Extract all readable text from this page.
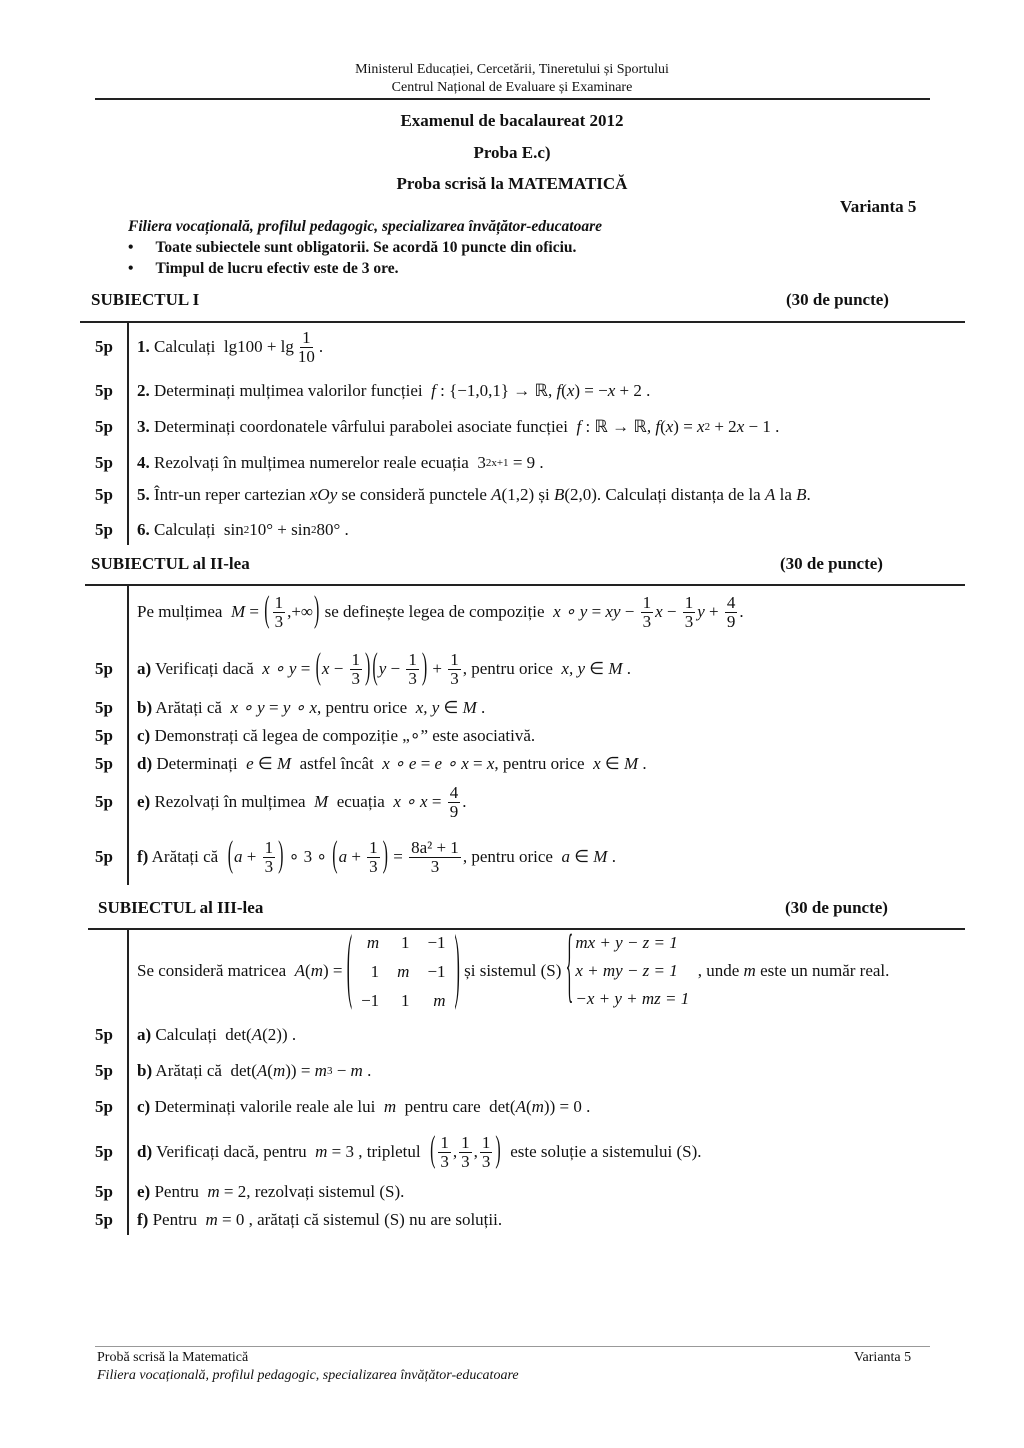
Ministerul Educației, Cercetării, Tineretului și Sportului
Centrul Național de Evaluare și Examinare
Examenul de bacalaureat 2012
Proba E.c)
Proba scrisă la MATEMATICĂ
Varianta 5
Filiera vocațională, profilul pedagogic, specializarea învățător-educatoare
• Toate subiectele sunt obligatorii. Se acordă 10 puncte din oficiu.
• Timpul de lucru efectiv este de 3 ore.
SUBIECTUL I	(30 de puncte)
5p 1. Calculați  $\lg 100 + \lg \frac{1}{10}$ .
5p 2. Determinați mulțimea valorilor funcției f : {−1,0,1} → ℝ, f ( x ) = − x + 2 .
5p 3. Determinați coordonatele vârfului parabolei asociate funcției f : ℝ → ℝ, f ( x ) = x 2 + 2 x − 1 .
5p 4. Rezolvați în mulțimea numerelor reale ecuația  3 2x+1 = 9 .
5p 5. Într-un reper cartezian xOy se consideră punctele A (1,2) și B (2,0). Calculați distanța de la A la B .
5p 6. Calculați  sin 2 10° + sin 2 80° .
SUBIECTUL al II-lea	(30 de puncte)
Pe mulțimea M = ( $\frac{1}{3}$ ,+∞ ) se definește legea de compoziție x ∘ y = xy − $\frac{1}{3}$ $x - \frac{1}{3}$ $y + \frac{4}{9}$ .
5p a) Verificați dacă x ∘ y = ( $x - \frac{1}{3}$ ) ( $y - \frac{1}{3}$ ) + $\frac{1}{3}$ , pentru orice x, y ∈ M .
5p b) Arătați că x ∘ y = y ∘ x , pentru orice x, y ∈ M .
5p c) Demonstrați că legea de compoziție „∘” este asociativă.
5p d) Determinați e ∈ M astfel încât x ∘ e = e ∘ x = x , pentru orice x ∈ M .
5p e) Rezolvați în mulțimea M ecuația x ∘ $x = \frac{4}{9}$ .
5p f) Arătați că ( $a + \frac{1}{3}$ ) ∘ 3 ∘ ( $a + \frac{1}{3}$ ) = $\frac{\text{8a² + 1}}{3}$ , pentru orice a ∈ M .
SUBIECTUL al III-lea	(30 de puncte)
Se consideră matricea A ( m ) = ( m	1	−1
1	m	−1
−1	1	m ) și sistemul (S) { mx + y − z = 1
x + my − z = 1
−x + y + mz = 1
, unde m este un număr real.
5p a) Calculați  det( A (2)) .
5p b) Arătați că  det( A ( m )) = m 3 − m .
5p c) Determinați valorile reale ale lui m pentru care  det( A ( m )) = 0 .
5p d) Verificați dacă, pentru m = 3 , tripletul ( $\frac{1}{3}$ , $\frac{1}{3}$ , $\frac{1}{3}$ ) este soluție a sistemului (S).
5p e) Pentru m = 2, rezolvați sistemul (S).
5p f) Pentru m = 0 , arătați că sistemul (S) nu are soluții.
Probă scrisă la Matematică
Filiera vocațională, profilul pedagogic, specializarea învățător-educatoare
Varianta 5
